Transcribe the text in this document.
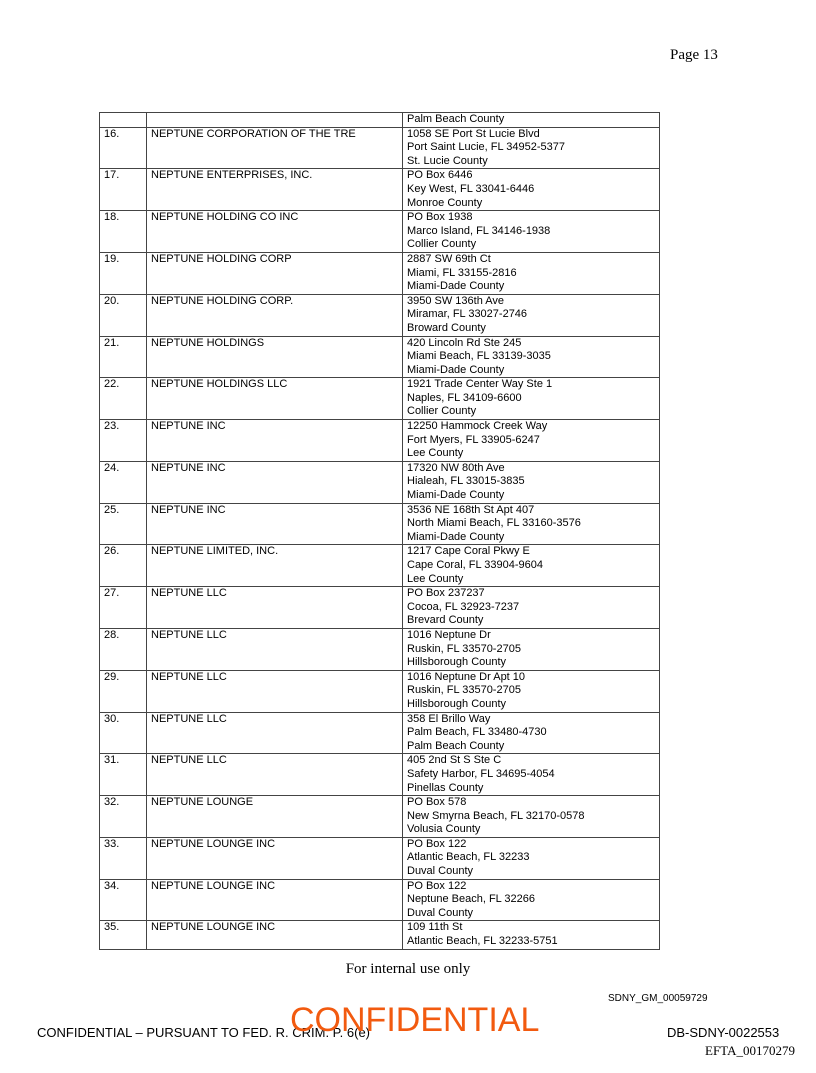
Page 13
		Palm Beach County
16.	NEPTUNE CORPORATION OF THE TRE	1058 SE Port St Lucie Blvd
Port Saint Lucie, FL 34952-5377
St. Lucie County

17.	NEPTUNE ENTERPRISES, INC.	PO Box 6446
Key West, FL 33041-6446
Monroe County

18.	NEPTUNE HOLDING CO INC	PO Box 1938
Marco Island, FL 34146-1938
Collier County

19.	NEPTUNE HOLDING CORP	2887 SW 69th Ct
Miami, FL 33155-2816
Miami-Dade County

20.	NEPTUNE HOLDING CORP.	3950 SW 136th Ave
Miramar, FL 33027-2746
Broward County

21.	NEPTUNE HOLDINGS	420 Lincoln Rd Ste 245
Miami Beach, FL 33139-3035
Miami-Dade County

22.	NEPTUNE HOLDINGS LLC	1921 Trade Center Way Ste 1
Naples, FL 34109-6600
Collier County

23.	NEPTUNE INC	12250 Hammock Creek Way
Fort Myers, FL 33905-6247
Lee County

24.	NEPTUNE INC	17320 NW 80th Ave
Hialeah, FL 33015-3835
Miami-Dade County

25.	NEPTUNE INC	3536 NE 168th St Apt 407
North Miami Beach, FL 33160-3576
Miami-Dade County

26.	NEPTUNE LIMITED, INC.	1217 Cape Coral Pkwy E
Cape Coral, FL 33904-9604
Lee County

27.	NEPTUNE LLC	PO Box 237237
Cocoa, FL 32923-7237
Brevard County

28.	NEPTUNE LLC	1016 Neptune Dr
Ruskin, FL 33570-2705
Hillsborough County

29.	NEPTUNE LLC	1016 Neptune Dr Apt 10
Ruskin, FL 33570-2705
Hillsborough County

30.	NEPTUNE LLC	358 El Brillo Way
Palm Beach, FL 33480-4730
Palm Beach County

31.	NEPTUNE LLC	405 2nd St S Ste C
Safety Harbor, FL 34695-4054
Pinellas County

32.	NEPTUNE LOUNGE	PO Box 578
New Smyrna Beach, FL 32170-0578
Volusia County

33.	NEPTUNE LOUNGE INC	PO Box 122
Atlantic Beach, FL 32233
Duval County

34.	NEPTUNE LOUNGE INC	PO Box 122
Neptune Beach, FL 32266
Duval County

35.	NEPTUNE LOUNGE INC	109 11th St
Atlantic Beach, FL 32233-5751
For internal use only
SDNY_GM_00059729
CONFIDENTIAL – PURSUANT TO FED. R. CRIM. P. 6(e)
CONFIDENTIAL	DB-SDNY-0022553
EFTA_00170279
